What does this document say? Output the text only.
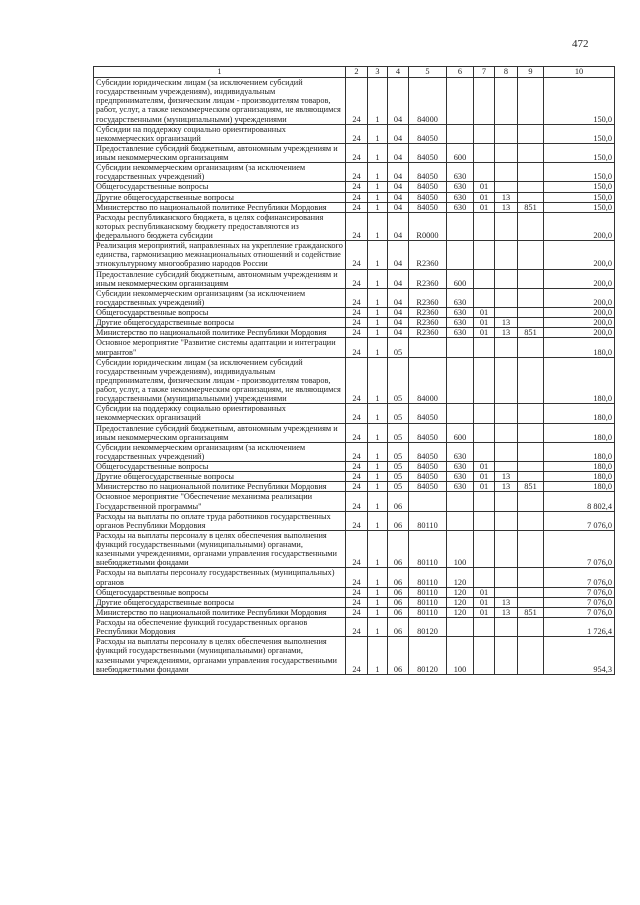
472
1	2	3	4	5	6	7	8	9	10
Субсидии юридическим лицам (за исключением субсидий государственным учреждениям), индивидуальным предпринимателям, физическим лицам - производителям товаров, работ, услуг, а также некоммерческим организациям, не являющимся государственными (муниципальными) учреждениями	24	1	04	84000					150,0
Субсидии на поддержку социально ориентированных некоммерческих организаций	24	1	04	84050					150,0
Предоставление субсидий бюджетным, автономным учреждениям и иным некоммерческим организациям	24	1	04	84050	600				150,0
Субсидии некоммерческим организациям (за исключением государственных учреждений)	24	1	04	84050	630				150,0
Общегосударственные вопросы	24	1	04	84050	630	01			150,0
Другие общегосударственные вопросы	24	1	04	84050	630	01	13		150,0
Министерство по национальной политике Республики Мордовия	24	1	04	84050	630	01	13	851	150,0
Расходы республиканского бюджета, в целях софинансирования которых республиканскому бюджету предоставляются из федерального бюджета субсидии	24	1	04	R0000					200,0
Реализация мероприятий, направленных на укрепление гражданского единства, гармонизацию межнациональных отношений и содействие этнокультурному многообразию народов России	24	1	04	R2360					200,0
Предоставление субсидий бюджетным, автономным учреждениям и иным некоммерческим организациям	24	1	04	R2360	600				200,0
Субсидии некоммерческим организациям (за исключением государственных учреждений)	24	1	04	R2360	630				200,0
Общегосударственные вопросы	24	1	04	R2360	630	01			200,0
Другие общегосударственные вопросы	24	1	04	R2360	630	01	13		200,0
Министерство по национальной политике Республики Мордовия	24	1	04	R2360	630	01	13	851	200,0
Основное мероприятие "Развитие системы адаптации и интеграции мигрантов"	24	1	05						180,0
Субсидии юридическим лицам (за исключением субсидий государственным учреждениям), индивидуальным предпринимателям, физическим лицам - производителям товаров, работ, услуг, а также некоммерческим организациям, не являющимся государственными (муниципальными) учреждениями	24	1	05	84000					180,0
Субсидии на поддержку социально ориентированных некоммерческих организаций	24	1	05	84050					180,0
Предоставление субсидий бюджетным, автономным учреждениям и иным некоммерческим организациям	24	1	05	84050	600				180,0
Субсидии некоммерческим организациям (за исключением государственных учреждений)	24	1	05	84050	630				180,0
Общегосударственные вопросы	24	1	05	84050	630	01			180,0
Другие общегосударственные вопросы	24	1	05	84050	630	01	13		180,0
Министерство по национальной политике Республики Мордовия	24	1	05	84050	630	01	13	851	180,0
Основное мероприятие "Обеспечение механизма реализации Государственной программы"	24	1	06						8 802,4
Расходы на выплаты по оплате труда работников государственных органов Республики Мордовия	24	1	06	80110					7 076,0
Расходы на выплаты персоналу в целях обеспечения выполнения функций государственными (муниципальными) органами, казенными учреждениями, органами управления государственными внебюджетными фондами	24	1	06	80110	100				7 076,0
Расходы на выплаты персоналу государственных (муниципальных) органов	24	1	06	80110	120				7 076,0
Общегосударственные вопросы	24	1	06	80110	120	01			7 076,0
Другие общегосударственные вопросы	24	1	06	80110	120	01	13		7 076,0
Министерство по национальной политике Республики Мордовия	24	1	06	80110	120	01	13	851	7 076,0
Расходы на обеспечение функций государственных органов Республики Мордовия	24	1	06	80120					1 726,4
Расходы на выплаты персоналу в целях обеспечения выполнения функций государственными (муниципальными) органами, казенными учреждениями, органами управления государственными внебюджетными фондами	24	1	06	80120	100				954,3
